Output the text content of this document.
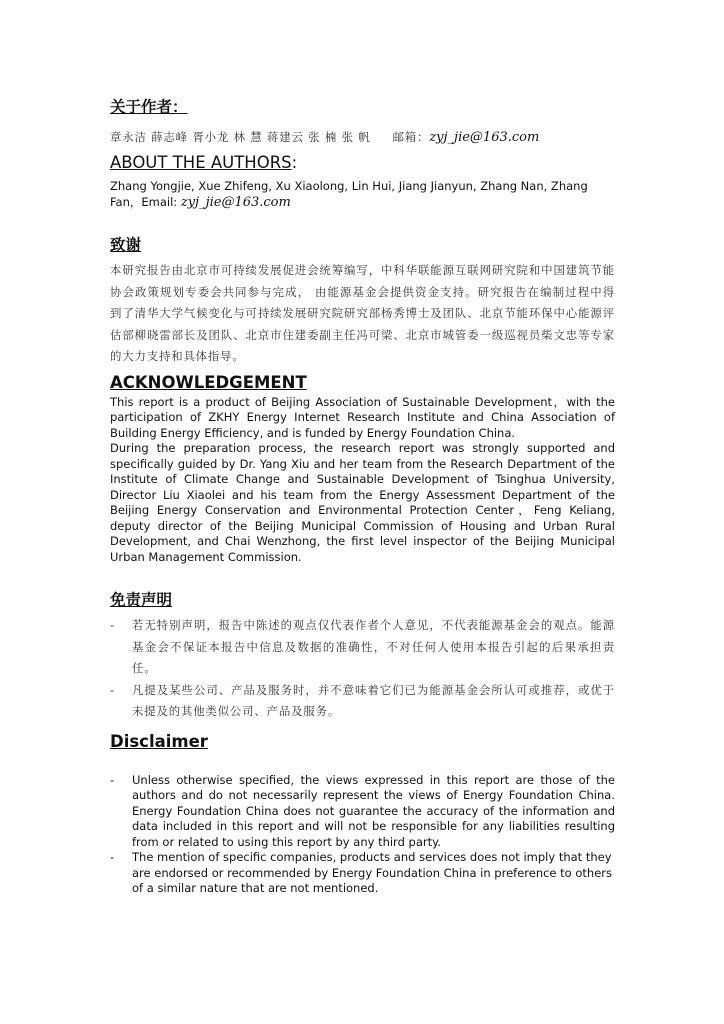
关于作者：
章永洁 薛志峰 胥小龙 林 慧 蒋建云 张 楠 张 帆 邮箱：zyj_jie@163.com
ABOUT THE AUTHORS:

Zhang Yongjie, Xue Zhifeng, Xu Xiaolong, Lin Hui, Jiang Jianyun, Zhang Nan, Zhang Fan，Email: zyj_jie@163.com

致谢

本研究报告由北京市可持续发展促进会统筹编写，中科华联能源互联网研究院和中国建筑节能协会政策规划专委会共同参与完成， 由能源基金会提供资金支持。研究报告在编制过程中得到了清华大学气候变化与可持续发展研究院研究部杨秀博士及团队、北京节能环保中心能源评估部柳晓雷部长及团队、北京市住建委副主任冯可梁、北京市城管委一级巡视员柴文忠等专家的大力支持和具体指导。

ACKNOWLEDGEMENT

This report is a product of Beijing Association of Sustainable Development，with the participation of ZKHY Energy Internet Research Institute and China Association of Building Energy Efficiency, and is funded by Energy Foundation China.

During the preparation process, the research report was strongly supported and specifically guided by Dr. Yang Xiu and her team from the Research Department of the Institute of Climate Change and Sustainable Development of Tsinghua University, Director Liu Xiaolei and his team from the Energy Assessment Department of the Beijing Energy Conservation and Environmental Protection Center，Feng Keliang, deputy director of the Beijing Municipal Commission of Housing and Urban Rural Development, and Chai Wenzhong, the first level inspector of the Beijing Municipal Urban Management Commission.

免责声明
-	若无特别声明，报告中陈述的观点仅代表作者个人意见，不代表能源基金会的观点。能源基金会不保证本报告中信息及数据的准确性，不对任何人使用本报告引起的后果承担责任。
-	凡提及某些公司、产品及服务时，并不意味着它们已为能源基金会所认可或推荐，或优于未提及的其他类似公司、产品及服务。
Disclaimer
-	Unless otherwise specified, the views expressed in this report are those of the authors and do not necessarily represent the views of Energy Foundation China. Energy Foundation China does not guarantee the accuracy of the information and data included in this report and will not be responsible for any liabilities resulting from or related to using this report by any third party.
-	The mention of specific companies, products and services does not imply that they are endorsed or recommended by Energy Foundation China in preference to others of a similar nature that are not mentioned.
